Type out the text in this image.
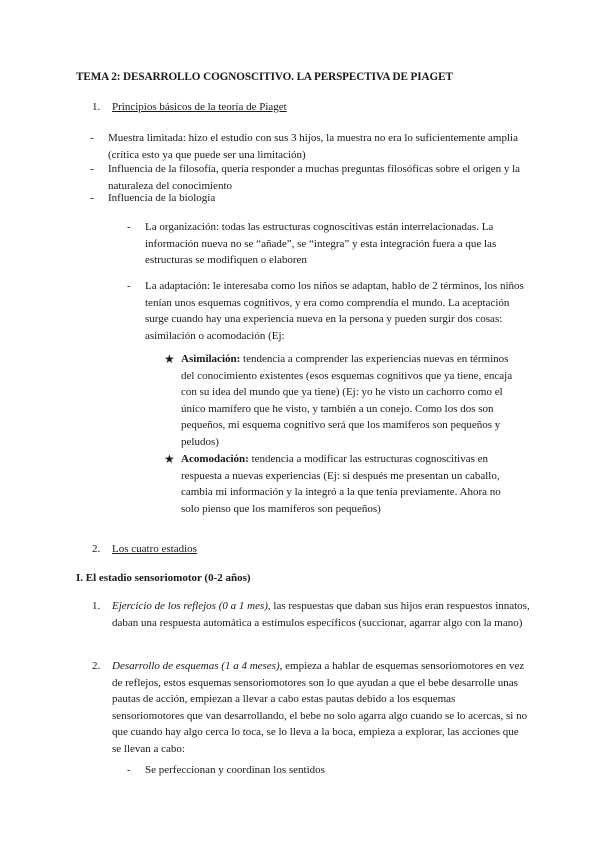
TEMA 2: DESARROLLO COGNOSCITIVO. LA PERSPECTIVA DE PIAGET
1. Principios básicos de la teoría de Piaget
- Muestra limitada: hizo el estudio con sus 3 hijos, la muestra no era lo suficientemente amplia (crítica esto ya que puede ser una limitación)
- Influencia de la filosofía, quería responder a muchas preguntas filosóficas sobre el origen y la naturaleza del conocimiento
- Influencia de la biología
- La organización: todas las estructuras cognoscitivas están interrelacionadas. La información nueva no se “añade”, se “integra” y esta integración fuera a que las estructuras se modifiquen o elaboren
- La adaptación: le interesaba como los niños se adaptan, hablo de 2 términos, los niños tenían unos esquemas cognitivos, y era como comprendía el mundo. La aceptación surge cuando hay una experiencia nueva en la persona y pueden surgir dos cosas: asimilación o acomodación (Ej:
★ Asimilación: tendencia a comprender las experiencias nuevas en términos del conocimiento existentes (esos esquemas cognitivos que ya tiene, encaja con su idea del mundo que ya tiene) (Ej: yo he visto un cachorro como el único mamífero que he visto, y también a un conejo. Como los dos son pequeños, mi esquema cognitivo será que los mamíferos son pequeños y peludos)
★ Acomodación: tendencia a modificar las estructuras cognoscitivas en respuesta a nuevas experiencias (Ej: si después me presentan un caballo, cambia mi información y la integró a la que tenía previamente. Ahora no solo pienso que los mamíferos son pequeños)
2. Los cuatro estadios
I. El estadio sensoriomotor (0-2 años)
1. Ejercicio de los reflejos (0 a 1 mes), las respuestas que daban sus hijos eran respuestos innatos, daban una respuesta automática a estímulos específicos (succionar, agarrar algo con la mano)
2. Desarrollo de esquemas (1 a 4 meses), empieza a hablar de esquemas sensoriomotores en vez de reflejos, estos esquemas sensoriomotores son lo que ayudan a que el bebe desarrolle unas pautas de acción, empiezan a llevar a cabo estas pautas debido a los esquemas sensoriomotores que van desarrollando, el bebe no solo agarra algo cuando se lo acercas, si no que cuando hay algo cerca lo toca, se lo lleva a la boca, empieza a explorar, las acciones que se llevan a cabo:
- Se perfeccionan y coordinan los sentidos
